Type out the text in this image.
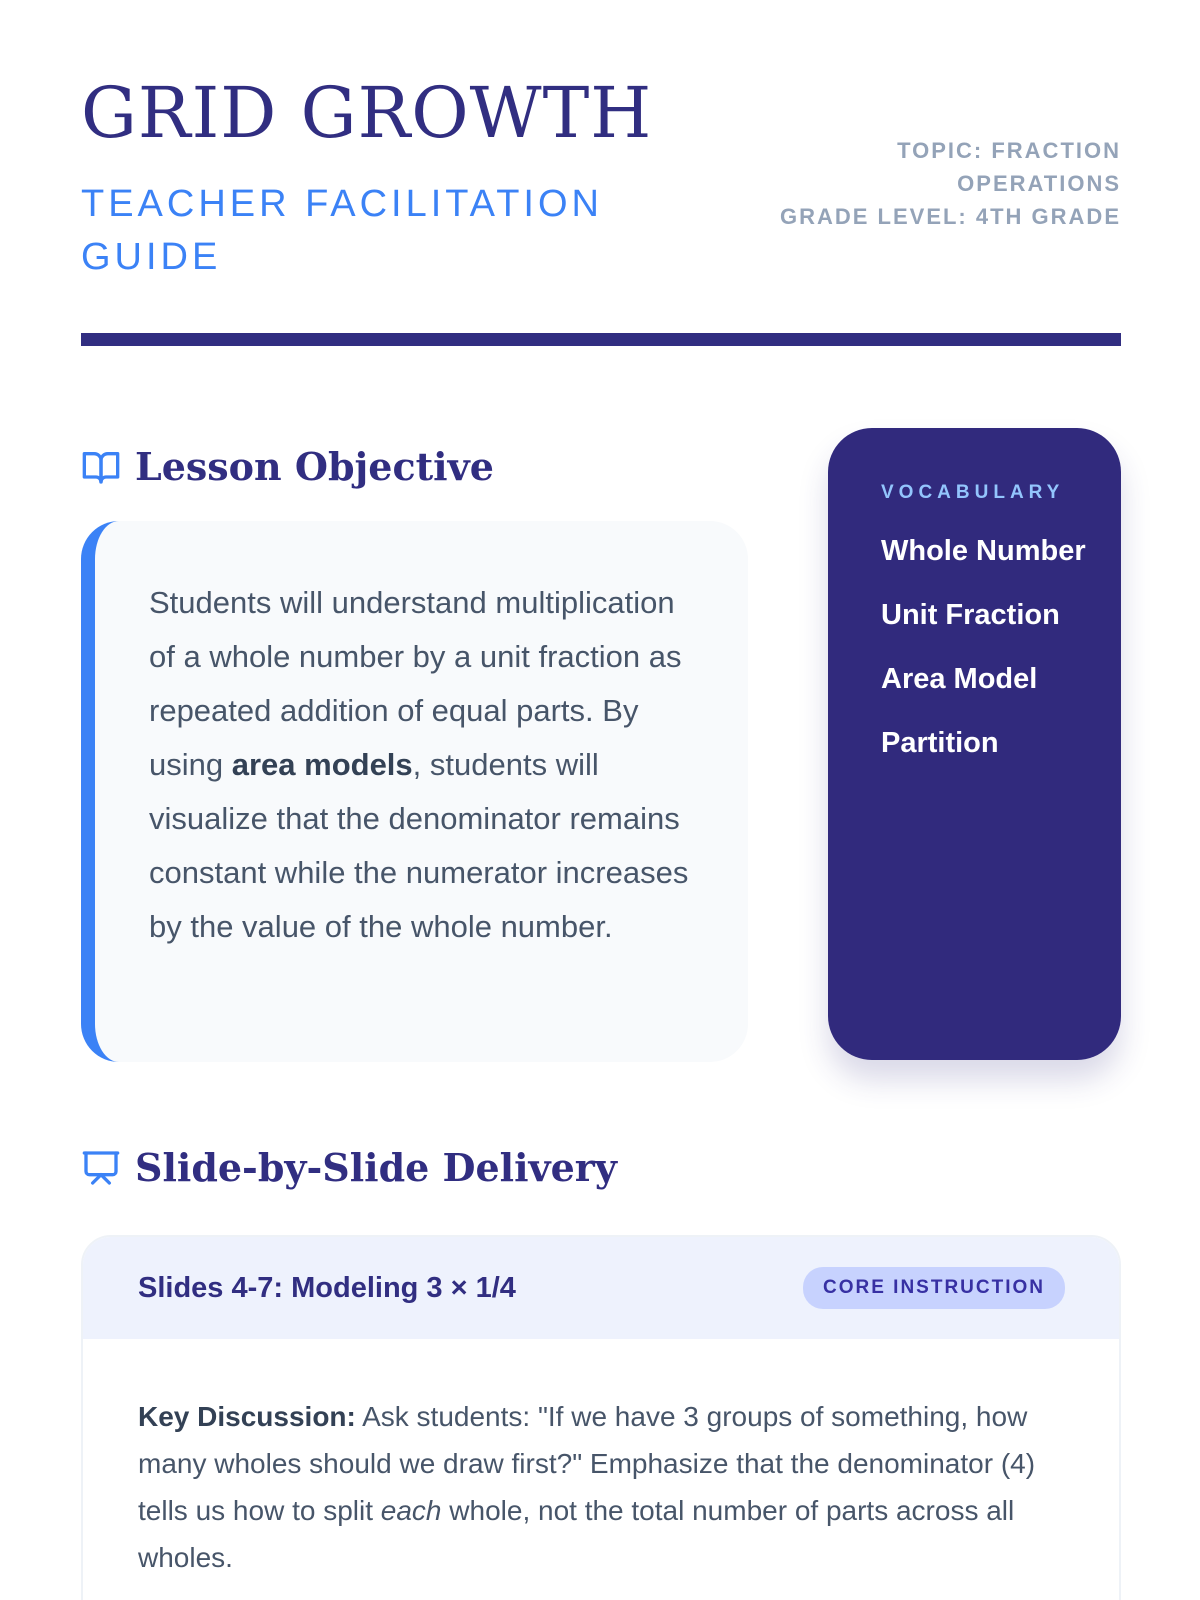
GRID GROWTH
TEACHER FACILITATION GUIDE
TOPIC: FRACTION OPERATIONS
GRADE LEVEL: 4TH GRADE
Lesson Objective

Students will understand multiplication of a whole number by a unit fraction as repeated addition of equal parts. By using area models, students will visualize that the denominator remains constant while the numerator increases by the value of the whole number.

VOCABULARY
Whole Number
Unit Fraction
Area Model
Partition
Slide-by-Slide Delivery
Slides 4-7: Modeling 3 × 1/4	CORE INSTRUCTION

Key Discussion: Ask students: "If we have 3 groups of something, how many wholes should we draw first?" Emphasize that the denominator (4) tells us how to split each whole, not the total number of parts across all wholes.
